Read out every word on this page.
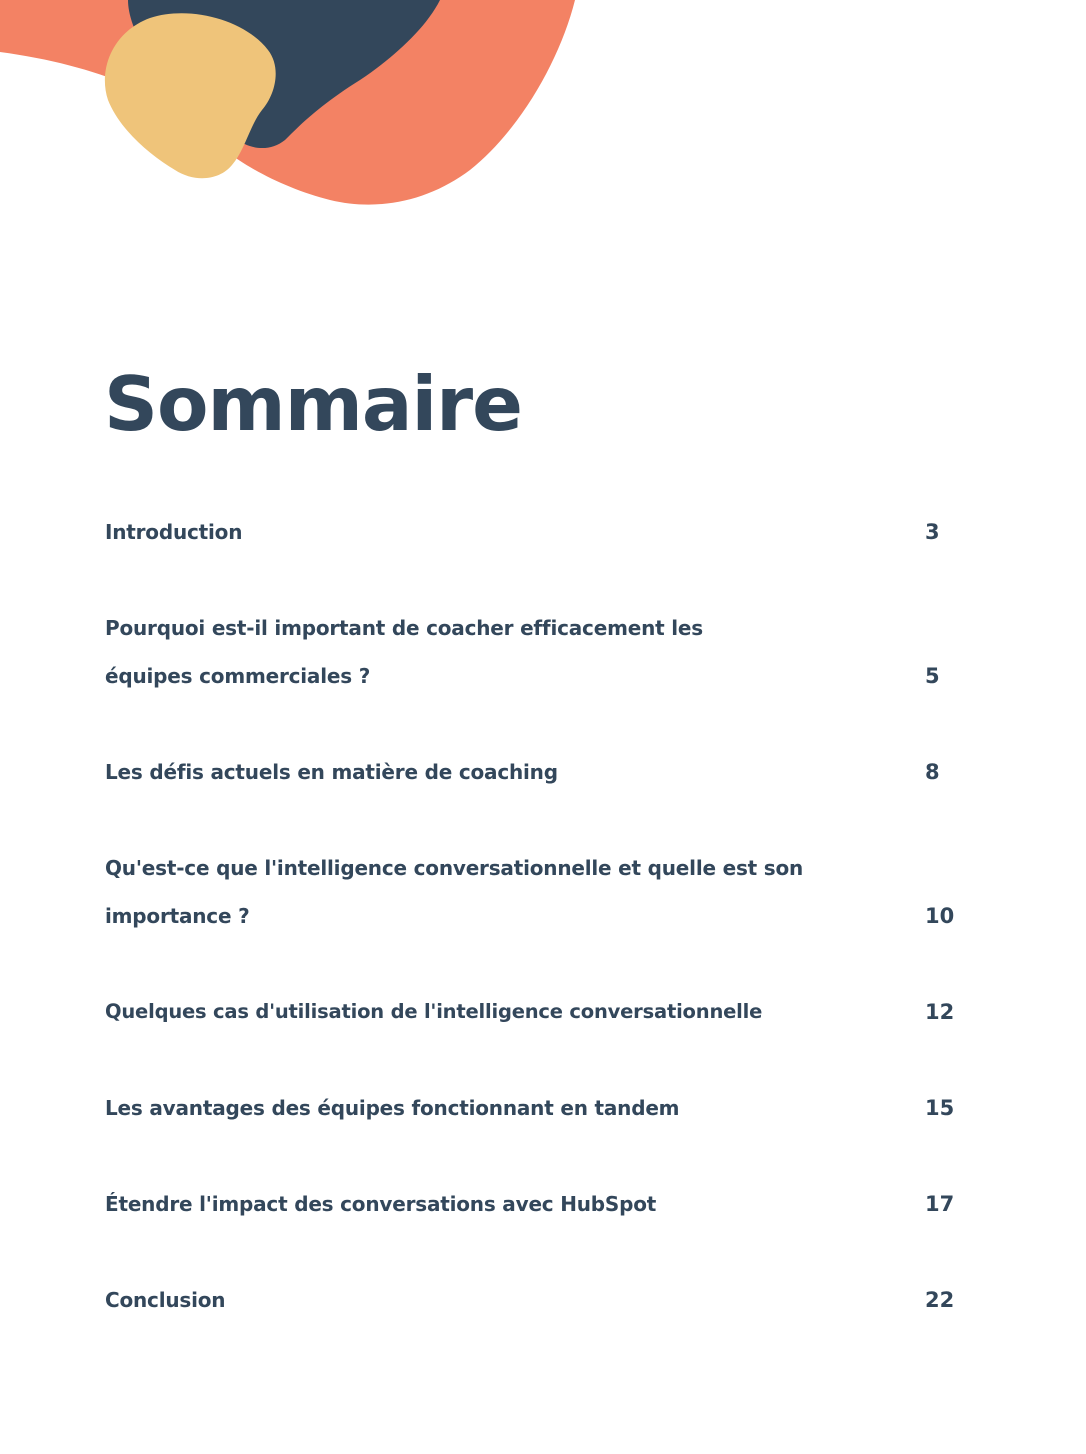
Sommaire
Introduction	3
Pourquoi est-il important de coacher efficacement les équipes commerciales ?	5
Les défis actuels en matière de coaching	8
Qu'est-ce que l'intelligence conversationnelle et quelle est son importance ?	10
Quelques cas d'utilisation de l'intelligence conversationnelle	12
Les avantages des équipes fonctionnant en tandem	15
Étendre l'impact des conversations avec HubSpot	17
Conclusion	22
